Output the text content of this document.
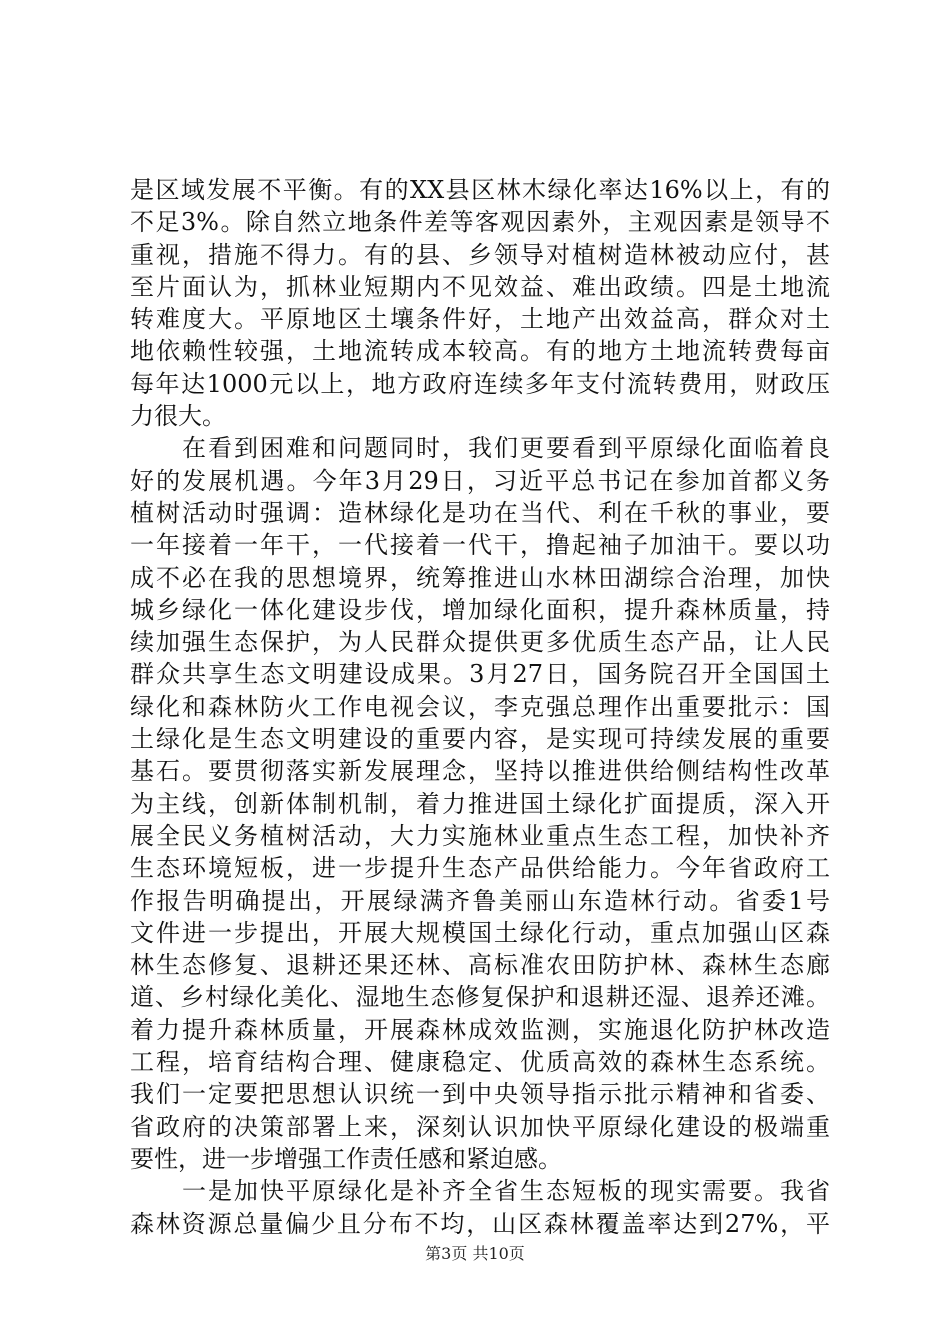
是区域发展不平衡。有的XX县区林木绿化率达16%以上，有的
不足3%。除自然立地条件差等客观因素外，主观因素是领导不
重视，措施不得力。有的县、乡领导对植树造林被动应付，甚
至片面认为，抓林业短期内不见效益、难出政绩。四是土地流
转难度大。平原地区土壤条件好，土地产出效益高，群众对土
地依赖性较强，土地流转成本较高。有的地方土地流转费每亩
每年达1000元以上，地方政府连续多年支付流转费用，财政压
力很大。
在看到困难和问题同时，我们更要看到平原绿化面临着良
好的发展机遇。今年3月29日，习近平总书记在参加首都义务
植树活动时强调：造林绿化是功在当代、利在千秋的事业，要
一年接着一年干，一代接着一代干，撸起袖子加油干。要以功
成不必在我的思想境界，统筹推进山水林田湖综合治理，加快
城乡绿化一体化建设步伐，增加绿化面积，提升森林质量，持
续加强生态保护，为人民群众提供更多优质生态产品，让人民
群众共享生态文明建设成果。3月27日，国务院召开全国国土
绿化和森林防火工作电视会议，李克强总理作出重要批示：国
土绿化是生态文明建设的重要内容，是实现可持续发展的重要
基石。要贯彻落实新发展理念，坚持以推进供给侧结构性改革
为主线，创新体制机制，着力推进国土绿化扩面提质，深入开
展全民义务植树活动，大力实施林业重点生态工程，加快补齐
生态环境短板，进一步提升生态产品供给能力。今年省政府工
作报告明确提出，开展绿满齐鲁美丽山东造林行动。省委1号
文件进一步提出，开展大规模国土绿化行动，重点加强山区森
林生态修复、退耕还果还林、高标准农田防护林、森林生态廊
道、乡村绿化美化、湿地生态修复保护和退耕还湿、退养还滩。
着力提升森林质量，开展森林成效监测，实施退化防护林改造
工程，培育结构合理、健康稳定、优质高效的森林生态系统。
我们一定要把思想认识统一到中央领导指示批示精神和省委、
省政府的决策部署上来，深刻认识加快平原绿化建设的极端重
要性，进一步增强工作责任感和紧迫感。
一是加快平原绿化是补齐全省生态短板的现实需要。我省
森林资源总量偏少且分布不均，山区森林覆盖率达到27%，平
第3页 共10页
